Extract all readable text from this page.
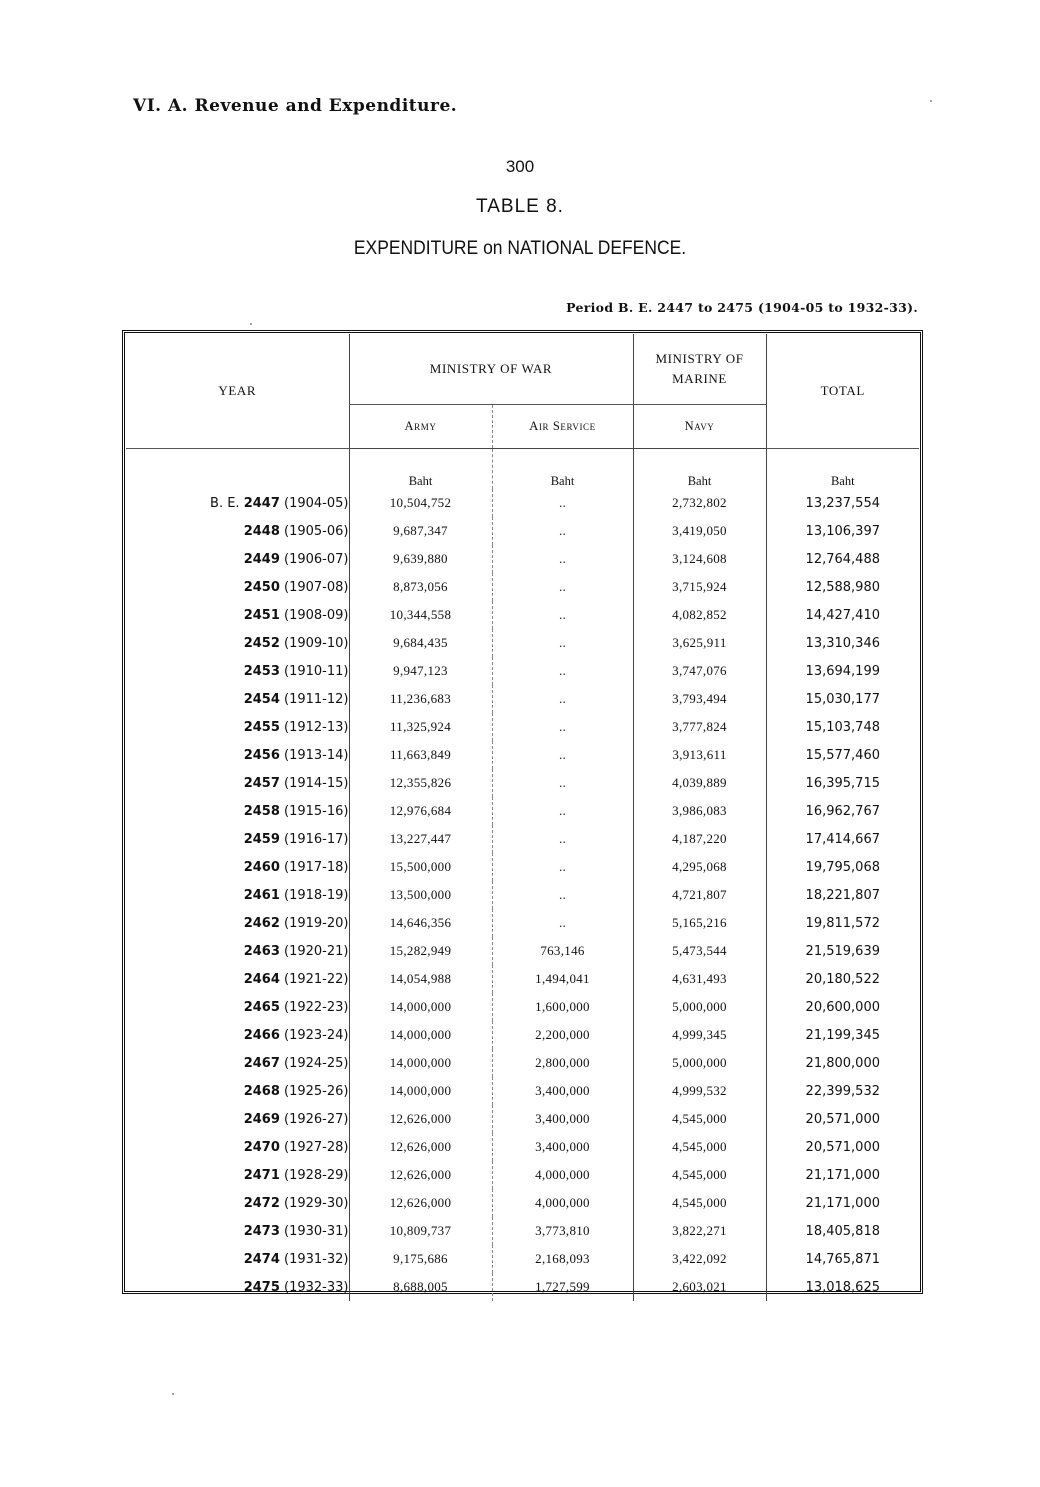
VI. A. Revenue and Expenditure.
300
TABLE 8.
EXPENDITURE on NATIONAL DEFENCE.
Period B. E. 2447 to 2475 (1904-05 to 1932-33).
YEAR	MINISTRY OF WAR		MINISTRY OF MARINE	TOTAL
	Army	Air Service	Navy	
	Baht	Baht	Baht	Baht
B. E. 2447 (1904-05)	10,504,752	..	2,732,802	13,237,554
2448 (1905-06)	9,687,347	..	3,419,050	13,106,397
2449 (1906-07)	9,639,880	..	3,124,608	12,764,488
2450 (1907-08)	8,873,056	..	3,715,924	12,588,980
2451 (1908-09)	10,344,558	..	4,082,852	14,427,410
2452 (1909-10)	9,684,435	..	3,625,911	13,310,346
2453 (1910-11)	9,947,123	..	3,747,076	13,694,199
2454 (1911-12)	11,236,683	..	3,793,494	15,030,177
2455 (1912-13)	11,325,924	..	3,777,824	15,103,748
2456 (1913-14)	11,663,849	..	3,913,611	15,577,460
2457 (1914-15)	12,355,826	..	4,039,889	16,395,715
2458 (1915-16)	12,976,684	..	3,986,083	16,962,767
2459 (1916-17)	13,227,447	..	4,187,220	17,414,667
2460 (1917-18)	15,500,000	..	4,295,068	19,795,068
2461 (1918-19)	13,500,000	..	4,721,807	18,221,807
2462 (1919-20)	14,646,356	..	5,165,216	19,811,572
2463 (1920-21)	15,282,949	763,146	5,473,544	21,519,639
2464 (1921-22)	14,054,988	1,494,041	4,631,493	20,180,522
2465 (1922-23)	14,000,000	1,600,000	5,000,000	20,600,000
2466 (1923-24)	14,000,000	2,200,000	4,999,345	21,199,345
2467 (1924-25)	14,000,000	2,800,000	5,000,000	21,800,000
2468 (1925-26)	14,000,000	3,400,000	4,999,532	22,399,532
2469 (1926-27)	12,626,000	3,400,000	4,545,000	20,571,000
2470 (1927-28)	12,626,000	3,400,000	4,545,000	20,571,000
2471 (1928-29)	12,626,000	4,000,000	4,545,000	21,171,000
2472 (1929-30)	12,626,000	4,000,000	4,545,000	21,171,000
2473 (1930-31)	10,809,737	3,773,810	3,822,271	18,405,818
2474 (1931-32)	9,175,686	2,168,093	3,422,092	14,765,871
2475 (1932-33)	8,688,005	1,727,599	2,603,021	13,018,625
